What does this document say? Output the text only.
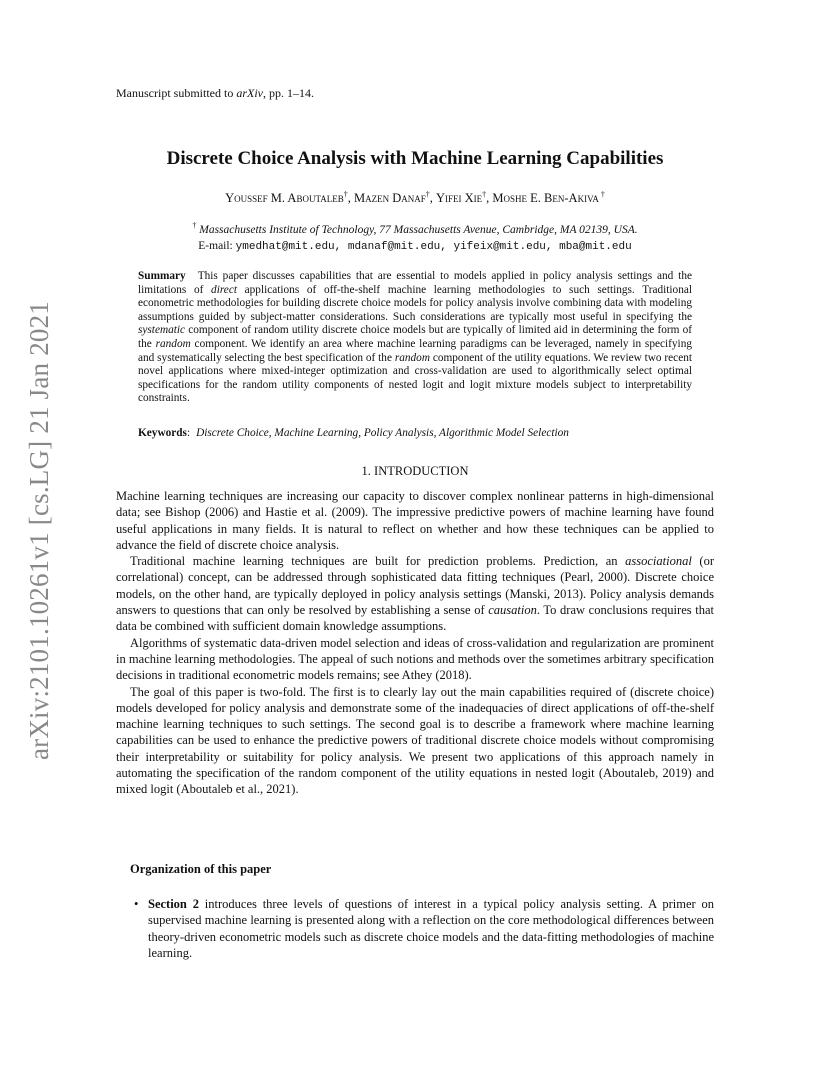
arXiv:2101.10261v1 [cs.LG] 21 Jan 2021
Manuscript submitted to arXiv, pp. 1–14.
Discrete Choice Analysis with Machine Learning Capabilities
Youssef M. Aboutaleb†, Mazen Danaf†, Yifei Xie†, Moshe E. Ben-Akiva †
† Massachusetts Institute of Technology, 77 Massachusetts Avenue, Cambridge, MA 02139, USA.
E-mail: ymedhat@mit.edu, mdanaf@mit.edu, yifeix@mit.edu, mba@mit.edu
Summary This paper discusses capabilities that are essential to models applied in policy analysis settings and the limitations of direct applications of off-the-shelf machine learning methodologies to such settings. Traditional econometric methodologies for building discrete choice models for policy analysis involve combining data with modeling assumptions guided by subject-matter considerations. Such considerations are typically most useful in specifying the systematic component of random utility discrete choice models but are typically of limited aid in determining the form of the random component. We identify an area where machine learning paradigms can be leveraged, namely in specifying and systematically selecting the best specification of the random component of the utility equations. We review two recent novel applications where mixed-integer optimization and cross-validation are used to algorithmically select optimal specifications for the random utility components of nested logit and logit mixture models subject to interpretability constraints.
Keywords: Discrete Choice, Machine Learning, Policy Analysis, Algorithmic Model Selection
1. INTRODUCTION

Machine learning techniques are increasing our capacity to discover complex nonlinear patterns in high-dimensional data; see Bishop (2006) and Hastie et al. (2009). The impressive predictive powers of machine learning have found useful applications in many fields. It is natural to reflect on whether and how these techniques can be applied to advance the field of discrete choice analysis.

Traditional machine learning techniques are built for prediction problems. Prediction, an associational (or correlational) concept, can be addressed through sophisticated data fitting techniques (Pearl, 2000). Discrete choice models, on the other hand, are typically deployed in policy analysis settings (Manski, 2013). Policy analysis demands answers to questions that can only be resolved by establishing a sense of causation. To draw conclusions requires that data be combined with sufficient domain knowledge assumptions.

Algorithms of systematic data-driven model selection and ideas of cross-validation and regularization are prominent in machine learning methodologies. The appeal of such notions and methods over the sometimes arbitrary specification decisions in traditional econometric models remains; see Athey (2018).

The goal of this paper is two-fold. The first is to clearly lay out the main capabilities required of (discrete choice) models developed for policy analysis and demonstrate some of the inadequacies of direct applications of off-the-shelf machine learning techniques to such settings. The second goal is to describe a framework where machine learning capabilities can be used to enhance the predictive powers of traditional discrete choice models without compromising their interpretability or suitability for policy analysis. We present two applications of this approach namely in automating the specification of the random component of the utility equations in nested logit (Aboutaleb, 2019) and mixed logit (Aboutaleb et al., 2021).

Organization of this paper
• Section 2 introduces three levels of questions of interest in a typical policy analysis setting. A primer on supervised machine learning is presented along with a reflection on the core methodological differences between theory-driven econometric models such as discrete choice models and the data-fitting methodologies of machine learning.
